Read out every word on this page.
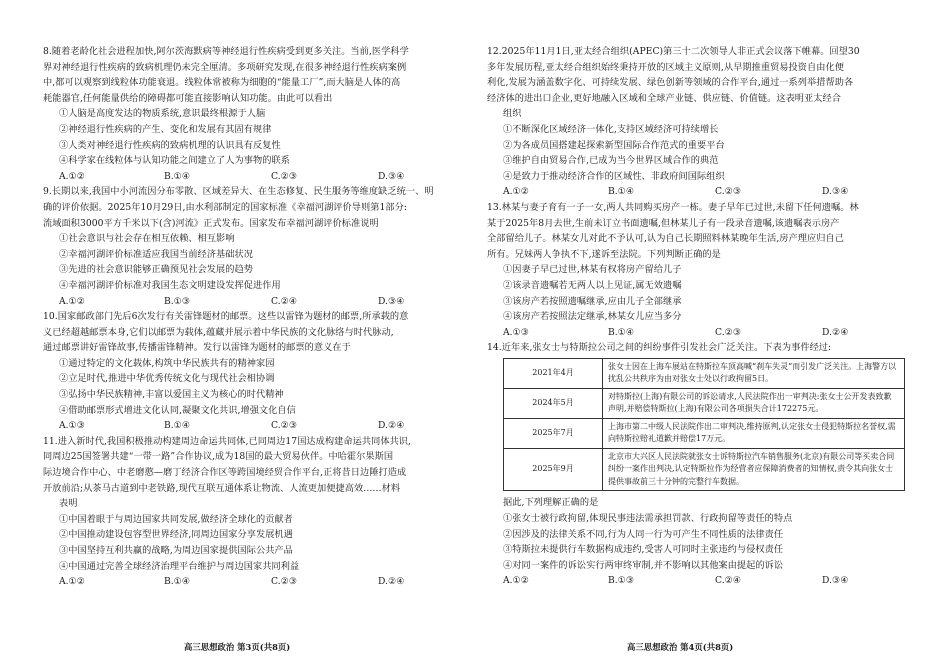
8.随着老龄化社会进程加快,阿尔茨海默病等神经退行性疾病受到更多关注。当前,医学科学
界对神经退行性疾病的致病机理仍未完全厘清。多项研究发现,在很多神经退行性疾病案例
中,都可以观察到线粒体功能衰退。线粒体常被称为细胞的“能量工厂”,而大脑是人体的高
耗能器官,任何能量供给的障碍都可能直接影响认知功能。由此可以看出
①人脑是高度发达的物质系统,意识最终根源于人脑
②神经退行性疾病的产生、变化和发展有其固有规律
③人类对神经退行性疾病的致病机理的认识具有反复性
④科学家在线粒体与认知功能之间建立了人为事物的联系
A.①②	B.①④	C.②③	D.③④
9.长期以来,我国中小河流因分布零散、区域差异大、在生态修复、民生服务等维度缺乏统一、明
确的评价依据。2025年10月29日,由水利部制定的国家标准《幸福河湖评价导则第1部分:
流域面积3000平方千米以下(含)河流》正式发布。国家发布幸福河湖评价标准说明
①社会意识与社会存在相互依赖、相互影响
②幸福河湖评价标准适应我国当前经济基础状况
③先进的社会意识能够正确预见社会发展的趋势
④幸福河湖评价标准对我国生态文明建设发挥促进作用
A.①②	B.①③	C.②④	D.③④
10.国家邮政部门先后6次发行有关雷锋题材的邮票。这些以雷锋为题材的邮票,所承载的意
义已经超越邮票本身,它们以邮票为载体,蕴藏并展示着中华民族的文化脉络与时代脉动,
通过邮票讲好雷锋故事,传播雷锋精神。发行以雷锋为题材的邮票的意义在于
①通过特定的文化载体,构筑中华民族共有的精神家园
②立足时代,推进中华优秀传统文化与现代社会相协调
③弘扬中华民族精神,丰富以爱国主义为核心的时代精神
④借助邮票形式增进文化认同,凝聚文化共识,增强文化自信
A.①③	B.①④	C.②③	D.②④
11.进入新时代,我国积极推动构建周边命运共同体,已同周边17国达成构建命运共同体共识,
同周边25国签署共建“一带一路”合作协议,成为18国的最大贸易伙伴。中哈霍尔果斯国
际边境合作中心、中老磨憨—磨丁经济合作区等跨国境经贸合作平台,正将昔日边陲打造成
开放前沿;从茶马古道到中老铁路,现代互联互通体系让物流、人流更加便捷高效……材料
表明
①中国着眼于与周边国家共同发展,做经济全球化的贡献者
②中国推动建设包容型世界经济,同周边国家分享发展机遇
③中国坚持互利共赢的战略,为周边国家提供国际公共产品
④中国通过完善全球经济治理平台维护与周边国家共同利益
A.①②	B.①④	C.②③	D.②④
12.2025年11月1日,亚太经合组织(APEC)第三十二次领导人非正式会议落下帷幕。回望30
多年发展历程,亚太经合组织始终秉持开放的区域主义原则,从早期推重贸易投资自由化便
利化,发展为涵盖数字化、可持续发展、绿色创新等领域的合作平台,通过一系列举措帮助各
经济体的进出口企业,更好地融入区域和全球产业链、供应链、价值链。这表明亚太经合
组织
①不断深化区域经济一体化,支持区域经济可持续增长
②为各成员国搭建起探索新型国际合作范式的重要平台
③维护自由贸易合作,已成为当今世界区域合作的典范
④是致力于推动经济合作的区域性、非政府间国际组织
A.①②	B.①④	C.②③	D.③④
13.林某与妻子育有一子一女,两人共同购买房产一栋。妻子早年已过世,未留下任何遗嘱。林
某于2025年8月去世,生前未订立书面遗嘱,但林某儿子有一段录音遗嘱,该遗嘱表示房产
全部留给儿子。林某女儿对此不予认可,认为自己长期照料林某晚年生活,房产理应归自己
所有。兄妹两人争执不下,遂诉至法院。下列判断正确的是
①因妻子早已过世,林某有权将房产留给儿子
②该录音遗嘱若无两人以上见证,属无效遗嘱
③该房产若按照遗嘱继承,应由儿子全部继承
④该房产若按照法定继承,林某女儿应当多分
A.①③	B.①④	C.②③	D.②④
14.近年来,张女士与特斯拉公司之间的纠纷事件引发社会广泛关注。下表为事件经过:
2021年4月	张女士因在上海车展站在特斯拉车顶高喊“刹车失灵”而引发广泛关注。上海警方以扰乱公共秩序为由对张女士处以行政拘留5日。
2024年5月	对特斯拉(上海)有限公司的诉讼请求,人民法院作出一审判决:张女士公开发表致歉声明,并赔偿特斯拉(上海)有限公司各项损失合计172275元。
2025年7月	上海市第二中级人民法院作出二审判决,维持原判,认定张女士侵犯特斯拉名誉权,需向特斯拉赔礼道歉并赔偿17万元。
2025年9月	北京市大兴区人民法院就张女士诉特斯拉汽车销售服务(北京)有限公司等买卖合同纠纷一案作出判决,认定特斯拉作为经营者应保障消费者的知情权,责令其向张女士提供事故前三十分钟的完整行车数据。
据此,下列理解正确的是
①张女士被行政拘留,体现民事违法需承担罚款、行政拘留等责任的特点
②因涉及的法律关系不同,行为人同一行为可产生不同性质的法律责任
③特斯拉未提供行车数据构成违约,受害人可同时主张违约与侵权责任
④对同一案件的诉讼实行两审终审制,并不影响以其他案由提起的诉讼
A.①②	B.①③	C.②④	D.③④
高三思想政治 第3页(共8页)	高三思想政治 第4页(共8页)
